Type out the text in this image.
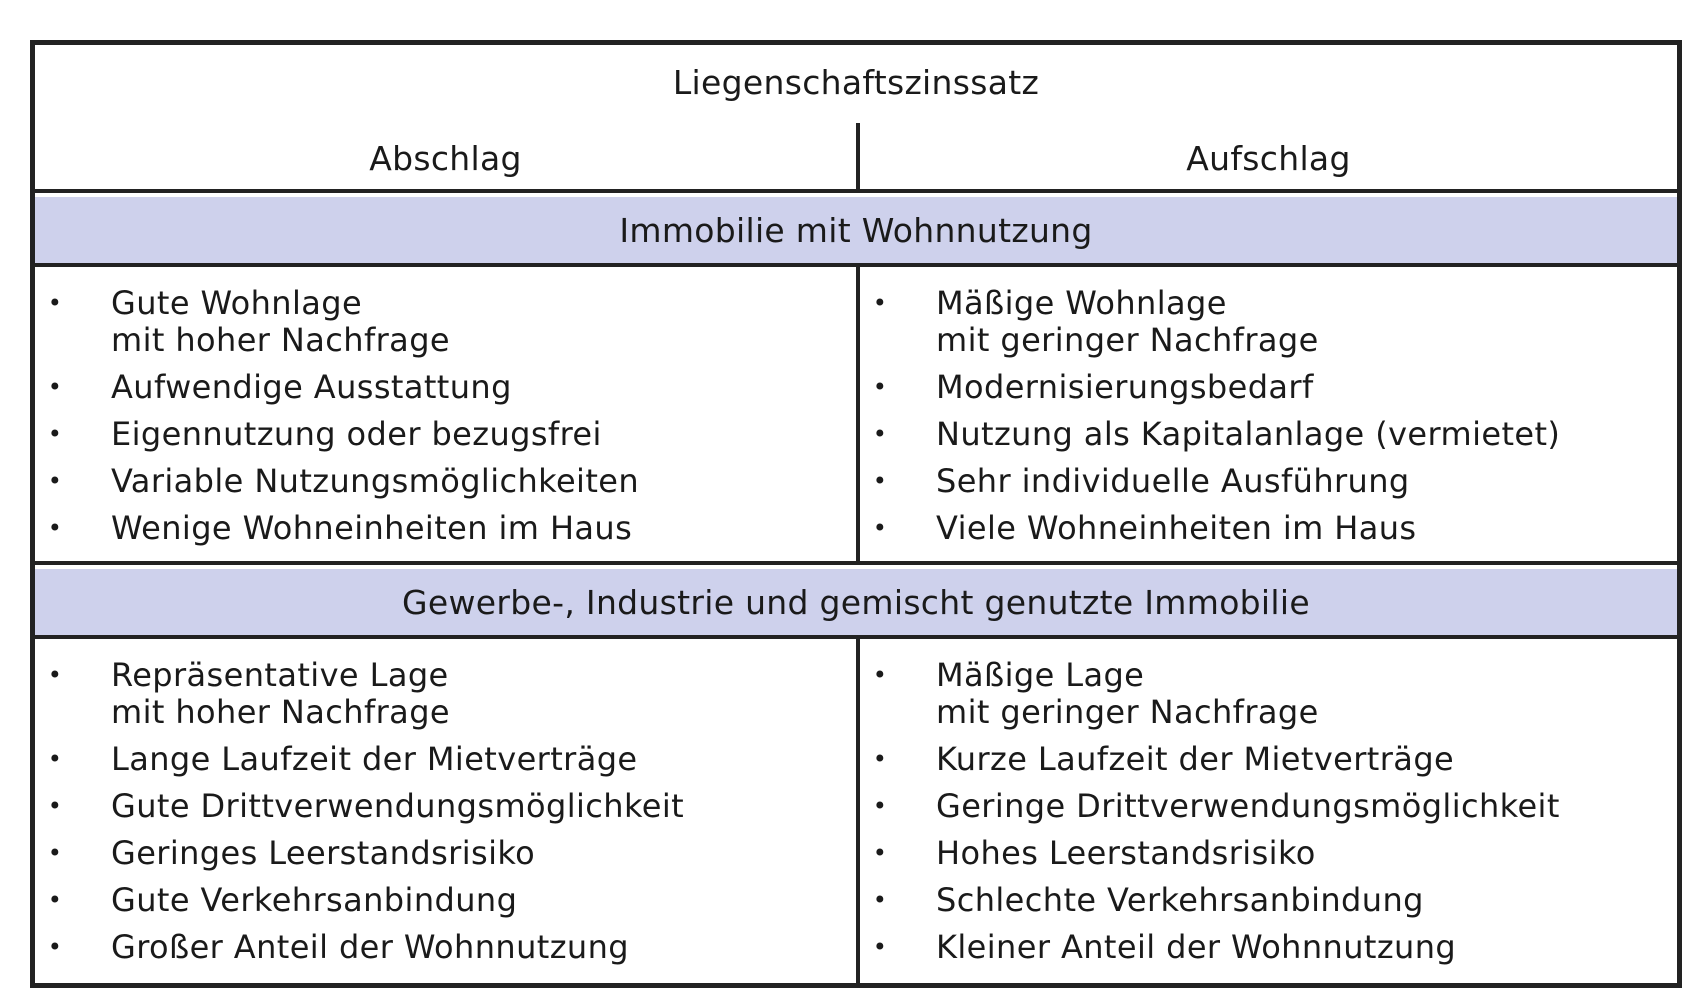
Liegenschaftszinssatz
Abschlag	Aufschlag
Immobilie mit Wohnnutzung
• Gute Wohnlage
mit hoher Nachfrage
• Aufwendige Ausstattung
• Eigennutzung oder bezugsfrei
• Variable Nutzungsmöglichkeiten
• Wenige Wohneinheiten im Haus
• Mäßige Wohnlage
mit geringer Nachfrage
• Modernisierungsbedarf
• Nutzung als Kapitalanlage (vermietet)
• Sehr individuelle Ausführung
• Viele Wohneinheiten im Haus
Gewerbe-, Industrie und gemischt genutzte Immobilie
• Repräsentative Lage
mit hoher Nachfrage
• Lange Laufzeit der Mietverträge
• Gute Drittverwendungsmöglichkeit
• Geringes Leerstandsrisiko
• Gute Verkehrsanbindung
• Großer Anteil der Wohnnutzung
• Mäßige Lage
mit geringer Nachfrage
• Kurze Laufzeit der Mietverträge
• Geringe Drittverwendungsmöglichkeit
• Hohes Leerstandsrisiko
• Schlechte Verkehrsanbindung
• Kleiner Anteil der Wohnnutzung
